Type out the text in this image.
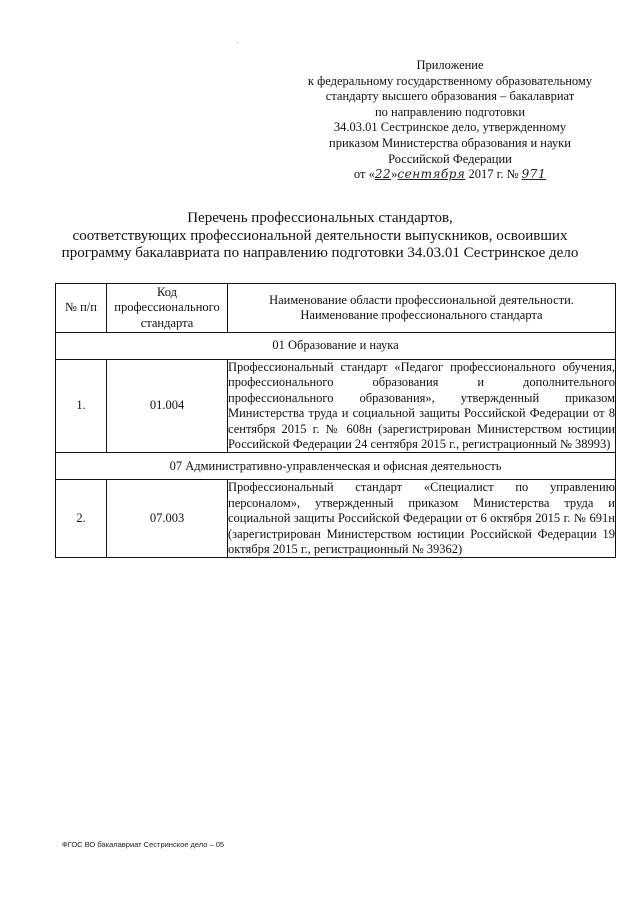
Приложение
к федеральному государственному образовательному
стандарту высшего образования – бакалавриат
по направлению подготовки
34.03.01 Сестринское дело, утвержденному
приказом Министерства образования и науки
Российской Федерации
от «22»сентября 2017 г. № 971
Перечень профессиональных стандартов,
соответствующих профессиональной деятельности выпускников, освоивших
программу бакалавриата по направлению подготовки 34.03.01 Сестринское дело
№ п/п	Код профессионального стандарта	Наименование области профессиональной деятельности.
Наименование профессионального стандарта

01 Образование и наука		
1.	01.004	Профессиональный стандарт «Педагог профессионального обучения, профессионального образования и дополнительного профессионального образования», утвержденный приказом Министерства труда и социальной защиты Российской Федерации от 8 сентября 2015 г. № 608н (зарегистрирован Министерством юстиции Российской Федерации 24 сентября 2015 г., регистрационный № 38993)
07 Административно-управленческая и офисная деятельность		
2.	07.003	Профессиональный стандарт «Специалист по управлению персоналом», утвержденный приказом Министерства труда и социальной защиты Российской Федерации от 6 октября 2015 г. № 691н (зарегистрирован Министерством юстиции Российской Федерации 19 октября 2015 г., регистрационный № 39362)
ФГОС ВО бакалавриат Сестринское дело – 05
